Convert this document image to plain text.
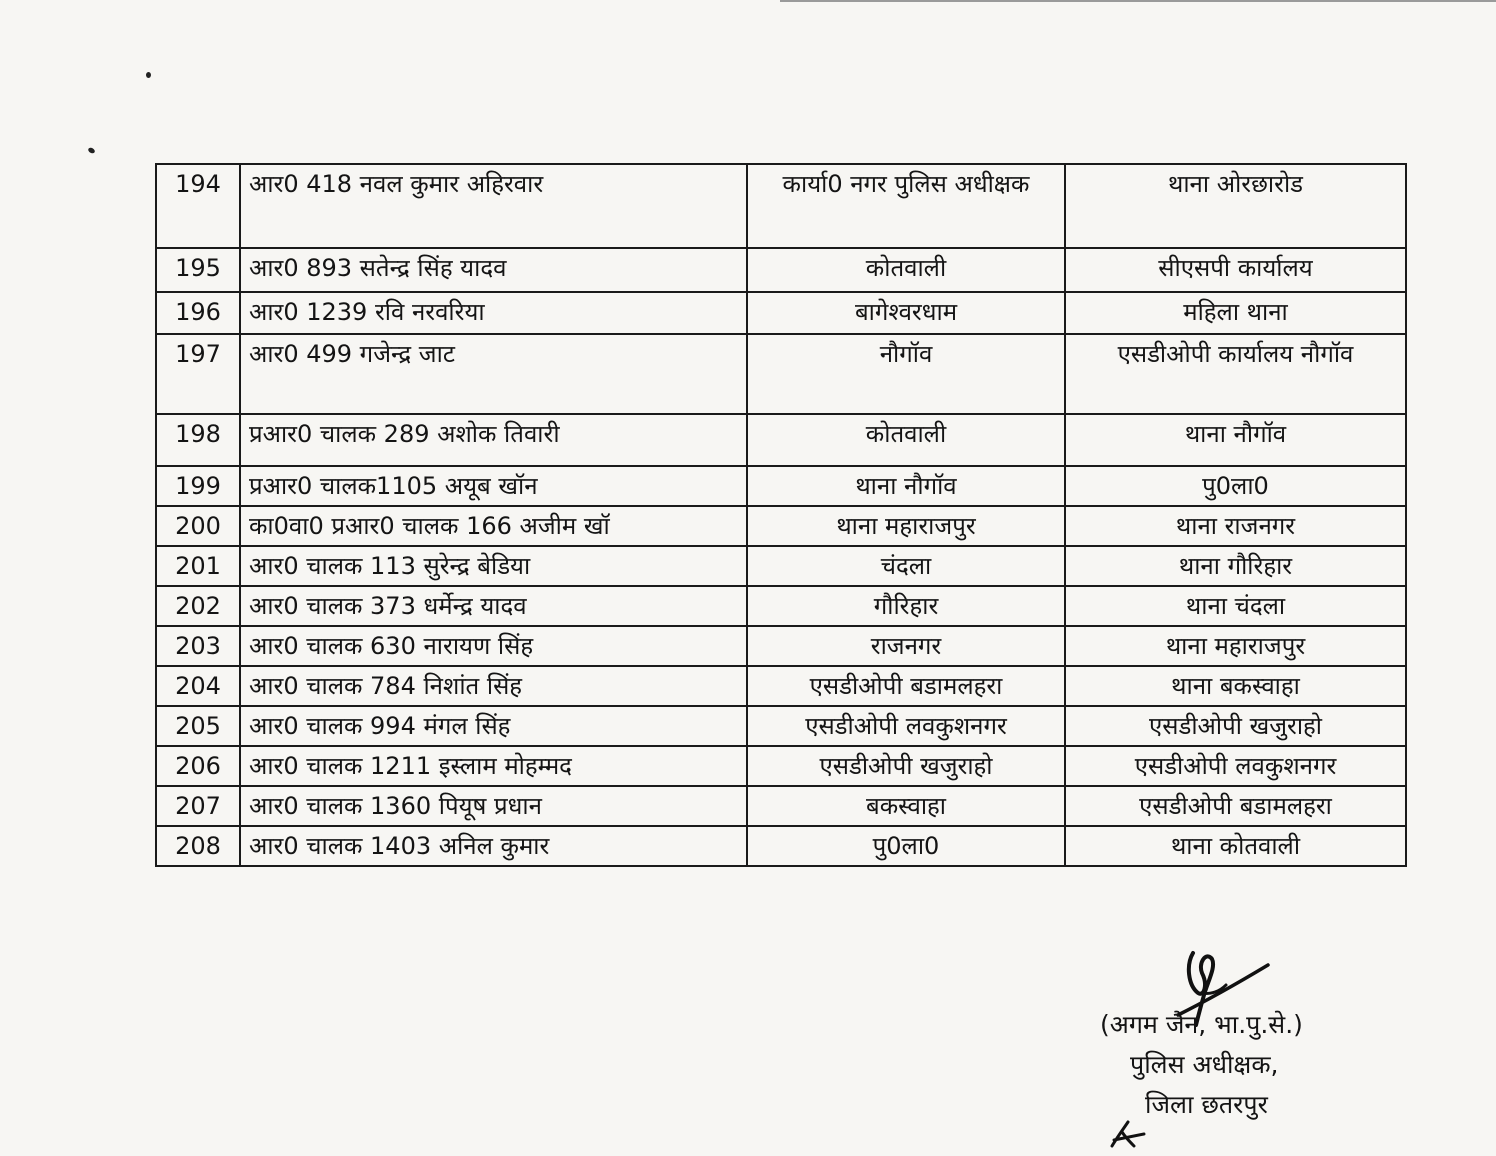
194	आर0 418 नवल कुमार अहिरवार	कार्या0 नगर पुलिस अधीक्षक	थाना ओरछारोड
195	आर0 893 सतेन्द्र सिंह यादव	कोतवाली	सीएसपी कार्यालय
196	आर0 1239 रवि नरवरिया	बागेश्वरधाम	महिला थाना
197	आर0 499 गजेन्द्र जाट	नौगॉव	एसडीओपी कार्यालय नौगॉव
198	प्रआर0 चालक 289 अशोक तिवारी	कोतवाली	थाना नौगॉव
199	प्रआर0 चालक1105 अयूब खॉन	थाना नौगॉव	पु0ला0
200	का0वा0 प्रआर0 चालक 166 अजीम खॉ	थाना महाराजपुर	थाना राजनगर
201	आर0 चालक 113 सुरेन्द्र बेडिया	चंदला	थाना गौरिहार
202	आर0 चालक 373 धर्मेन्द्र यादव	गौरिहार	थाना चंदला
203	आर0 चालक 630 नारायण सिंह	राजनगर	थाना महाराजपुर
204	आर0 चालक 784 निशांत सिंह	एसडीओपी बडामलहरा	थाना बकस्वाहा
205	आर0 चालक 994 मंगल सिंह	एसडीओपी लवकुशनगर	एसडीओपी खजुराहो
206	आर0 चालक 1211 इस्लाम मोहम्मद	एसडीओपी खजुराहो	एसडीओपी लवकुशनगर
207	आर0 चालक 1360 पियूष प्रधान	बकस्वाहा	एसडीओपी बडामलहरा
208	आर0 चालक 1403 अनिल कुमार	पु0ला0	थाना कोतवाली
(अगम जैन, भा.पु.से.)
पुलिस अधीक्षक,
जिला छतरपुर
